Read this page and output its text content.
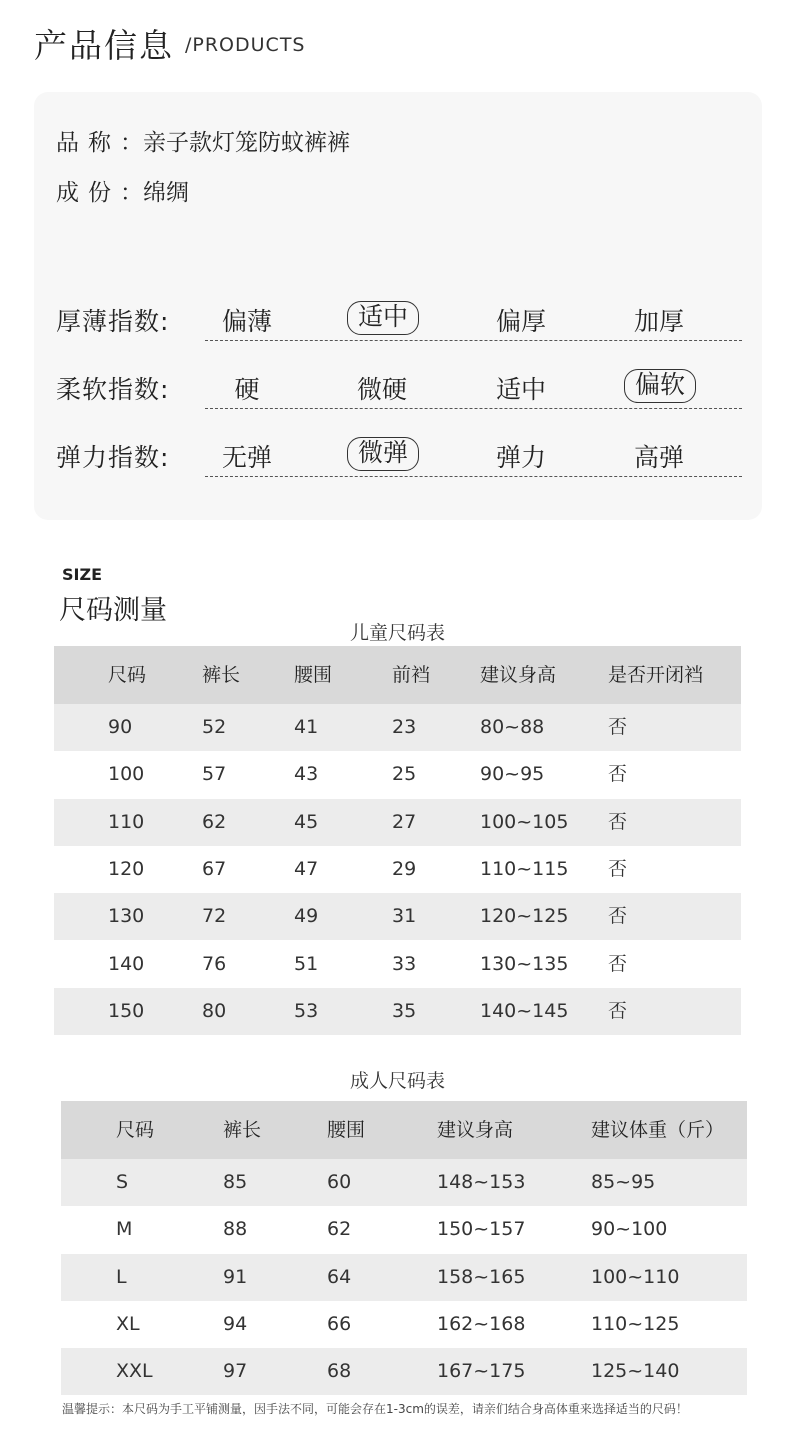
产品信息 /PRODUCTS
品称：亲子款灯笼防蚊裤裤
成份：绵绸
厚薄指数:	偏薄	适中	偏厚	加厚
柔软指数:	硬	微硬	适中	偏软
弹力指数:	无弹	微弹	弹力	高弹
SIZE
尺码测量
儿童尺码表
尺码	裤长	腰围	前裆	建议身高	是否开闭裆
90	52	41	23	80~88	否
100	57	43	25	90~95	否
110	62	45	27	100~105 否
120	67	47	29	110~115 否
130	72	49	31	120~125 否
140	76	51	33	130~135 否
150	80	53	35	140~145 否
成人尺码表
尺码	裤长	腰围	建议身高	建议体重（斤）
S	85	60	148~153	85~95
M	88	62	150~157	90~100
L	91	64	158~165	100~110
XL	94	66	162~168	110~125
XXL	97	68	167~175	125~140
温馨提示：本尺码为手工平铺测量，因手法不同，可能会存在1-3cm的误差，请亲们结合身高体重来选择适当的尺码！
